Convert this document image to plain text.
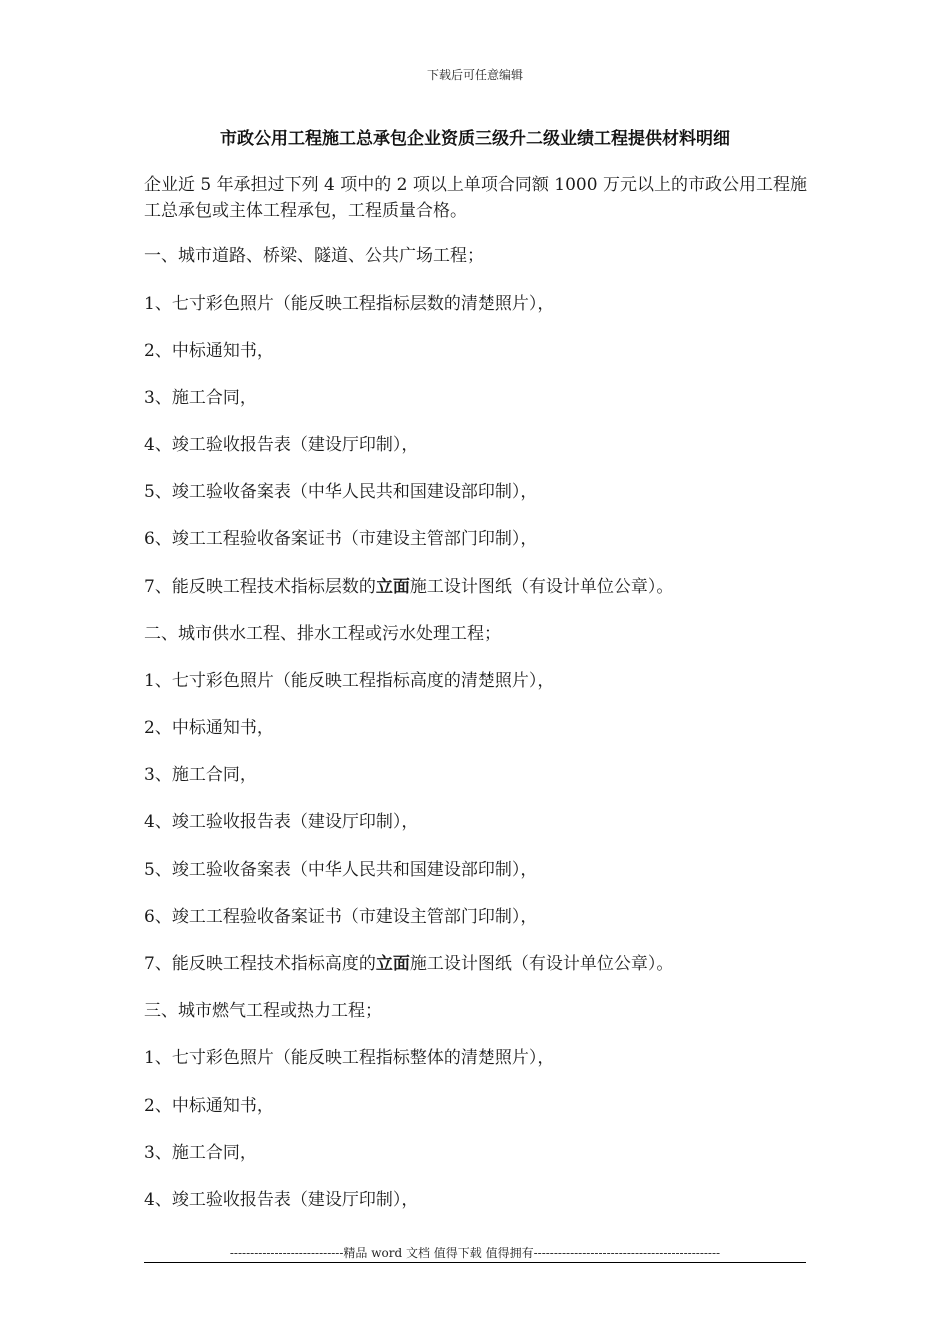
下载后可任意编辑
市政公用工程施工总承包企业资质三级升二级业绩工程提供材料明细
企业近 5 年承担过下列 4 项中的 2 项以上单项合同额 1000 万元以上的市政公用工程施工总承包或主体工程承包，工程质量合格。
一、城市道路、桥梁、隧道、公共广场工程；
1、七寸彩色照片（能反映工程指标层数的清楚照片），
2、中标通知书，
3、施工合同，
4、竣工验收报告表（建设厅印制），
5、竣工验收备案表（中华人民共和国建设部印制），
6、竣工工程验收备案证书（市建设主管部门印制），
7、能反映工程技术指标层数的立面施工设计图纸（有设计单位公章）。
二、城市供水工程、排水工程或污水处理工程；
1、七寸彩色照片（能反映工程指标高度的清楚照片），
2、中标通知书，
3、施工合同，
4、竣工验收报告表（建设厅印制），
5、竣工验收备案表（中华人民共和国建设部印制），
6、竣工工程验收备案证书（市建设主管部门印制），
7、能反映工程技术指标高度的立面施工设计图纸（有设计单位公章）。
三、城市燃气工程或热力工程；
1、七寸彩色照片（能反映工程指标整体的清楚照片），
2、中标通知书，
3、施工合同，
4、竣工验收报告表（建设厅印制），
----------------------------精品 word 文档 值得下载 值得拥有----------------------------------------------
